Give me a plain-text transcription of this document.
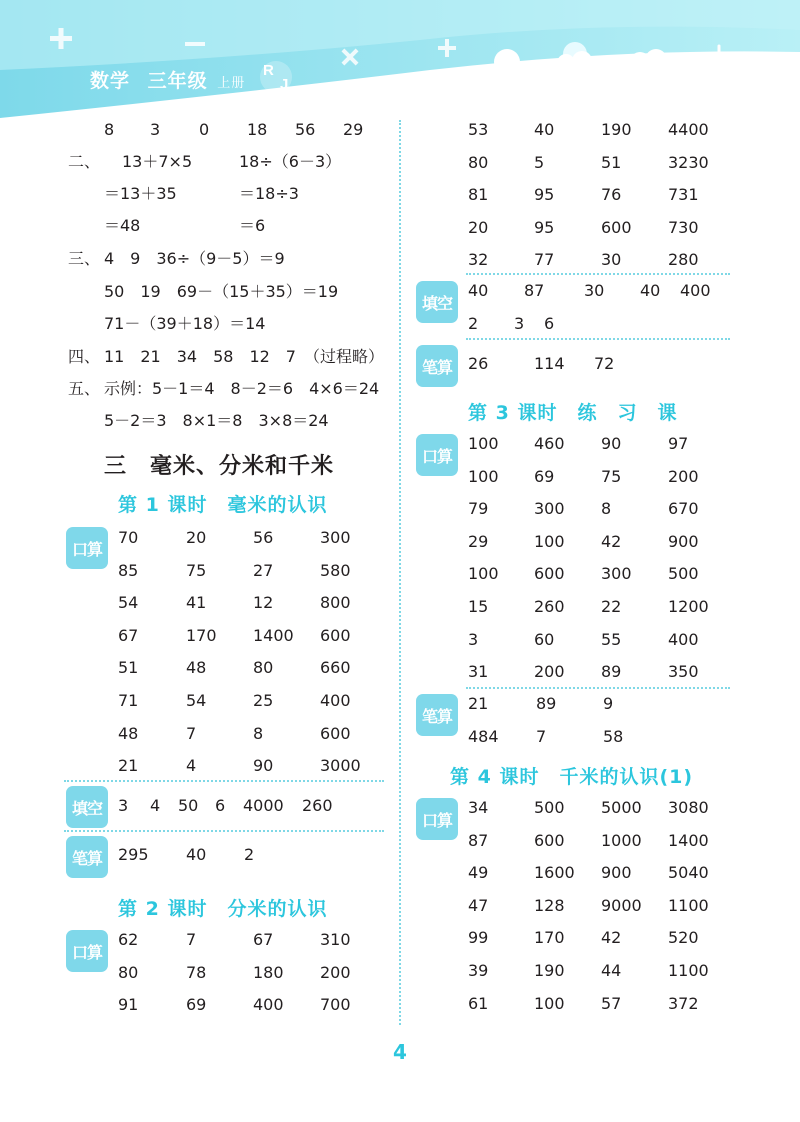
数学 三年级 上册
R
J
8 3 0 18 56 29
二、 13＋7×5	18÷（6－3）
＝13＋35	＝18÷3
＝48	＝6
三、 4　9　36÷（9－5）＝9
50　19　69－（15＋35）＝19
71－（39＋18）＝14
四、 11　21　34　58　12　7　（过程略）
五、 示例：5－1＝4　8－2＝6　4×6＝24
5－2＝3　8×1＝8　3×8＝24
三　毫米、分米和千米
第 1 课时　毫米的认识
口算
70	20	56	300
85	75	27	580
54	41	12	800
67	170 1400 600
51	48	80	660
71	54	25	400
48	7	8	600
21	4	90	3000
填空	3 4 50 6 4000 260
笔算	295 40 2
第 2 课时　分米的认识
口算
62	7	67	310
80	78	180 200
91	69	400 700
53	40	190 4400
80	5	51	3230
81	95	76	731
20	95	600 730
32	77	30	280
填空
40 87 30 40 400
2 3 6
笔算	26	114 72
第 3 课时　练　习　课
口算
100 460 90	97
100 69	75	200
79	300 8	670
29	100 42	900
100 600 300 500
15	260 22	1200
3	60	55	400
31	200 89	350
笔算
21	89	9
484 7	58
第 4 课时　千米的认识(1)
口算
34	500 5000 3080
87	600 1000 1400
49	1600 900 5040
47	128 9000 1100
99	170 42	520
39	190 44	1100
61	100 57	372
4
